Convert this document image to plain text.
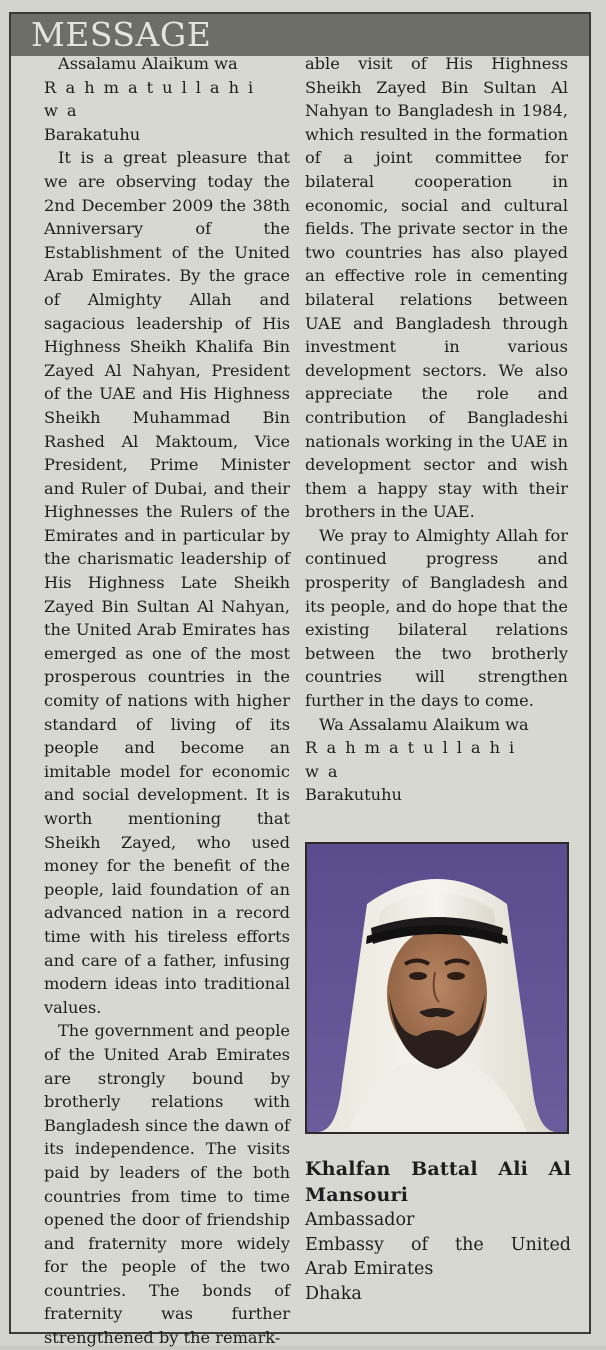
MESSAGE

Assalamu Alaikum wa

Rahmatullahi wa

Barakatuhu

It is a great pleasure that we are observing today the 2nd December 2009 the 38th Anniversary of the Establishment of the United Arab Emirates. By the grace of Almighty Allah and sagacious leadership of His Highness Sheikh Khalifa Bin Zayed Al Nahyan, President of the UAE and His Highness Sheikh Muhammad Bin Rashed Al Maktoum, Vice President, Prime Minister and Ruler of Dubai, and their Highnesses the Rulers of the Emirates and in particular by the charismatic leadership of His Highness Late Sheikh Zayed Bin Sultan Al Nahyan, the United Arab Emirates has emerged as one of the most prosperous countries in the comity of nations with higher standard of living of its people and become an imitable model for economic and social development. It is worth mentioning that Sheikh Zayed, who used money for the benefit of the people, laid foundation of an advanced nation in a record time with his tireless efforts and care of a father, infusing modern ideas into traditional values.

The government and people of the United Arab Emirates are strongly bound by brotherly relations with Bangladesh since the dawn of its independence. The visits paid by leaders of the both countries from time to time opened the door of friendship and fraternity more widely for the people of the two countries. The bonds of fraternity was further strengthened by the remark-

able visit of His Highness Sheikh Zayed Bin Sultan Al Nahyan to Bangladesh in 1984, which resulted in the formation of a joint committee for bilateral cooperation in economic, social and cultural fields. The private sector in the two countries has also played an effective role in cementing bilateral relations between UAE and Bangladesh through investment in various development sectors. We also appreciate the role and contribution of Bangladeshi nationals working in the UAE in development sector and wish them a happy stay with their brothers in the UAE.

We pray to Almighty Allah for continued progress and prosperity of Bangladesh and its people, and do hope that the existing bilateral relations between the two brotherly countries will strengthen further in the days to come.

Wa Assalamu Alaikum wa

Rahmatullahi wa

Barakutuhu

Khalfan Battal Ali Al
Mansouri
Ambassador
Embassy of the United
Arab Emirates
Dhaka
